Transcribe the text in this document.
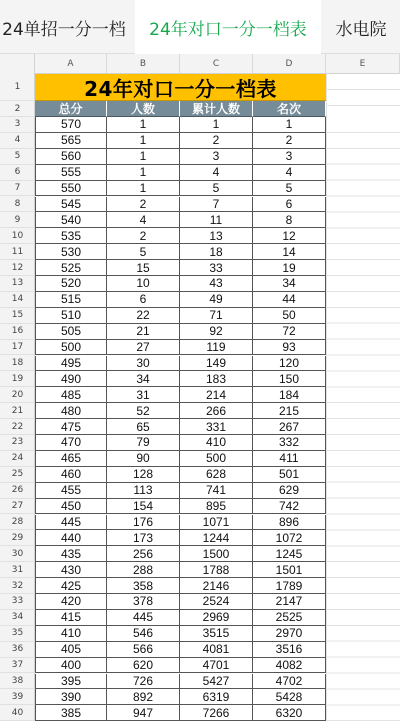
24单招一分一档	24年对口一分一档表	水电院
A	B	C	D	E
1
2
3
4
5
6
7
8
9
10
11
12
13
14
15
16
17
18
19
20
21
22
23
24
25
26
27
28
29
30
31
32
33
34
35
36
37
38
39
40
24年对口一分一档表
总分	人数	累计人数	名次
570	1	1	1
565	1	2	2
560	1	3	3
555	1	4	4
550	1	5	5
545	2	7	6
540	4	11	8
535	2	13	12
530	5	18	14
525	15	33	19
520	10	43	34
515	6	49	44
510	22	71	50
505	21	92	72
500	27	119	93
495	30	149	120
490	34	183	150
485	31	214	184
480	52	266	215
475	65	331	267
470	79	410	332
465	90	500	411
460	128	628	501
455	113	741	629
450	154	895	742
445	176	1071	896
440	173	1244	1072
435	256	1500	1245
430	288	1788	1501
425	358	2146	1789
420	378	2524	2147
415	445	2969	2525
410	546	3515	2970
405	566	4081	3516
400	620	4701	4082
395	726	5427	4702
390	892	6319	5428
385	947	7266	6320
